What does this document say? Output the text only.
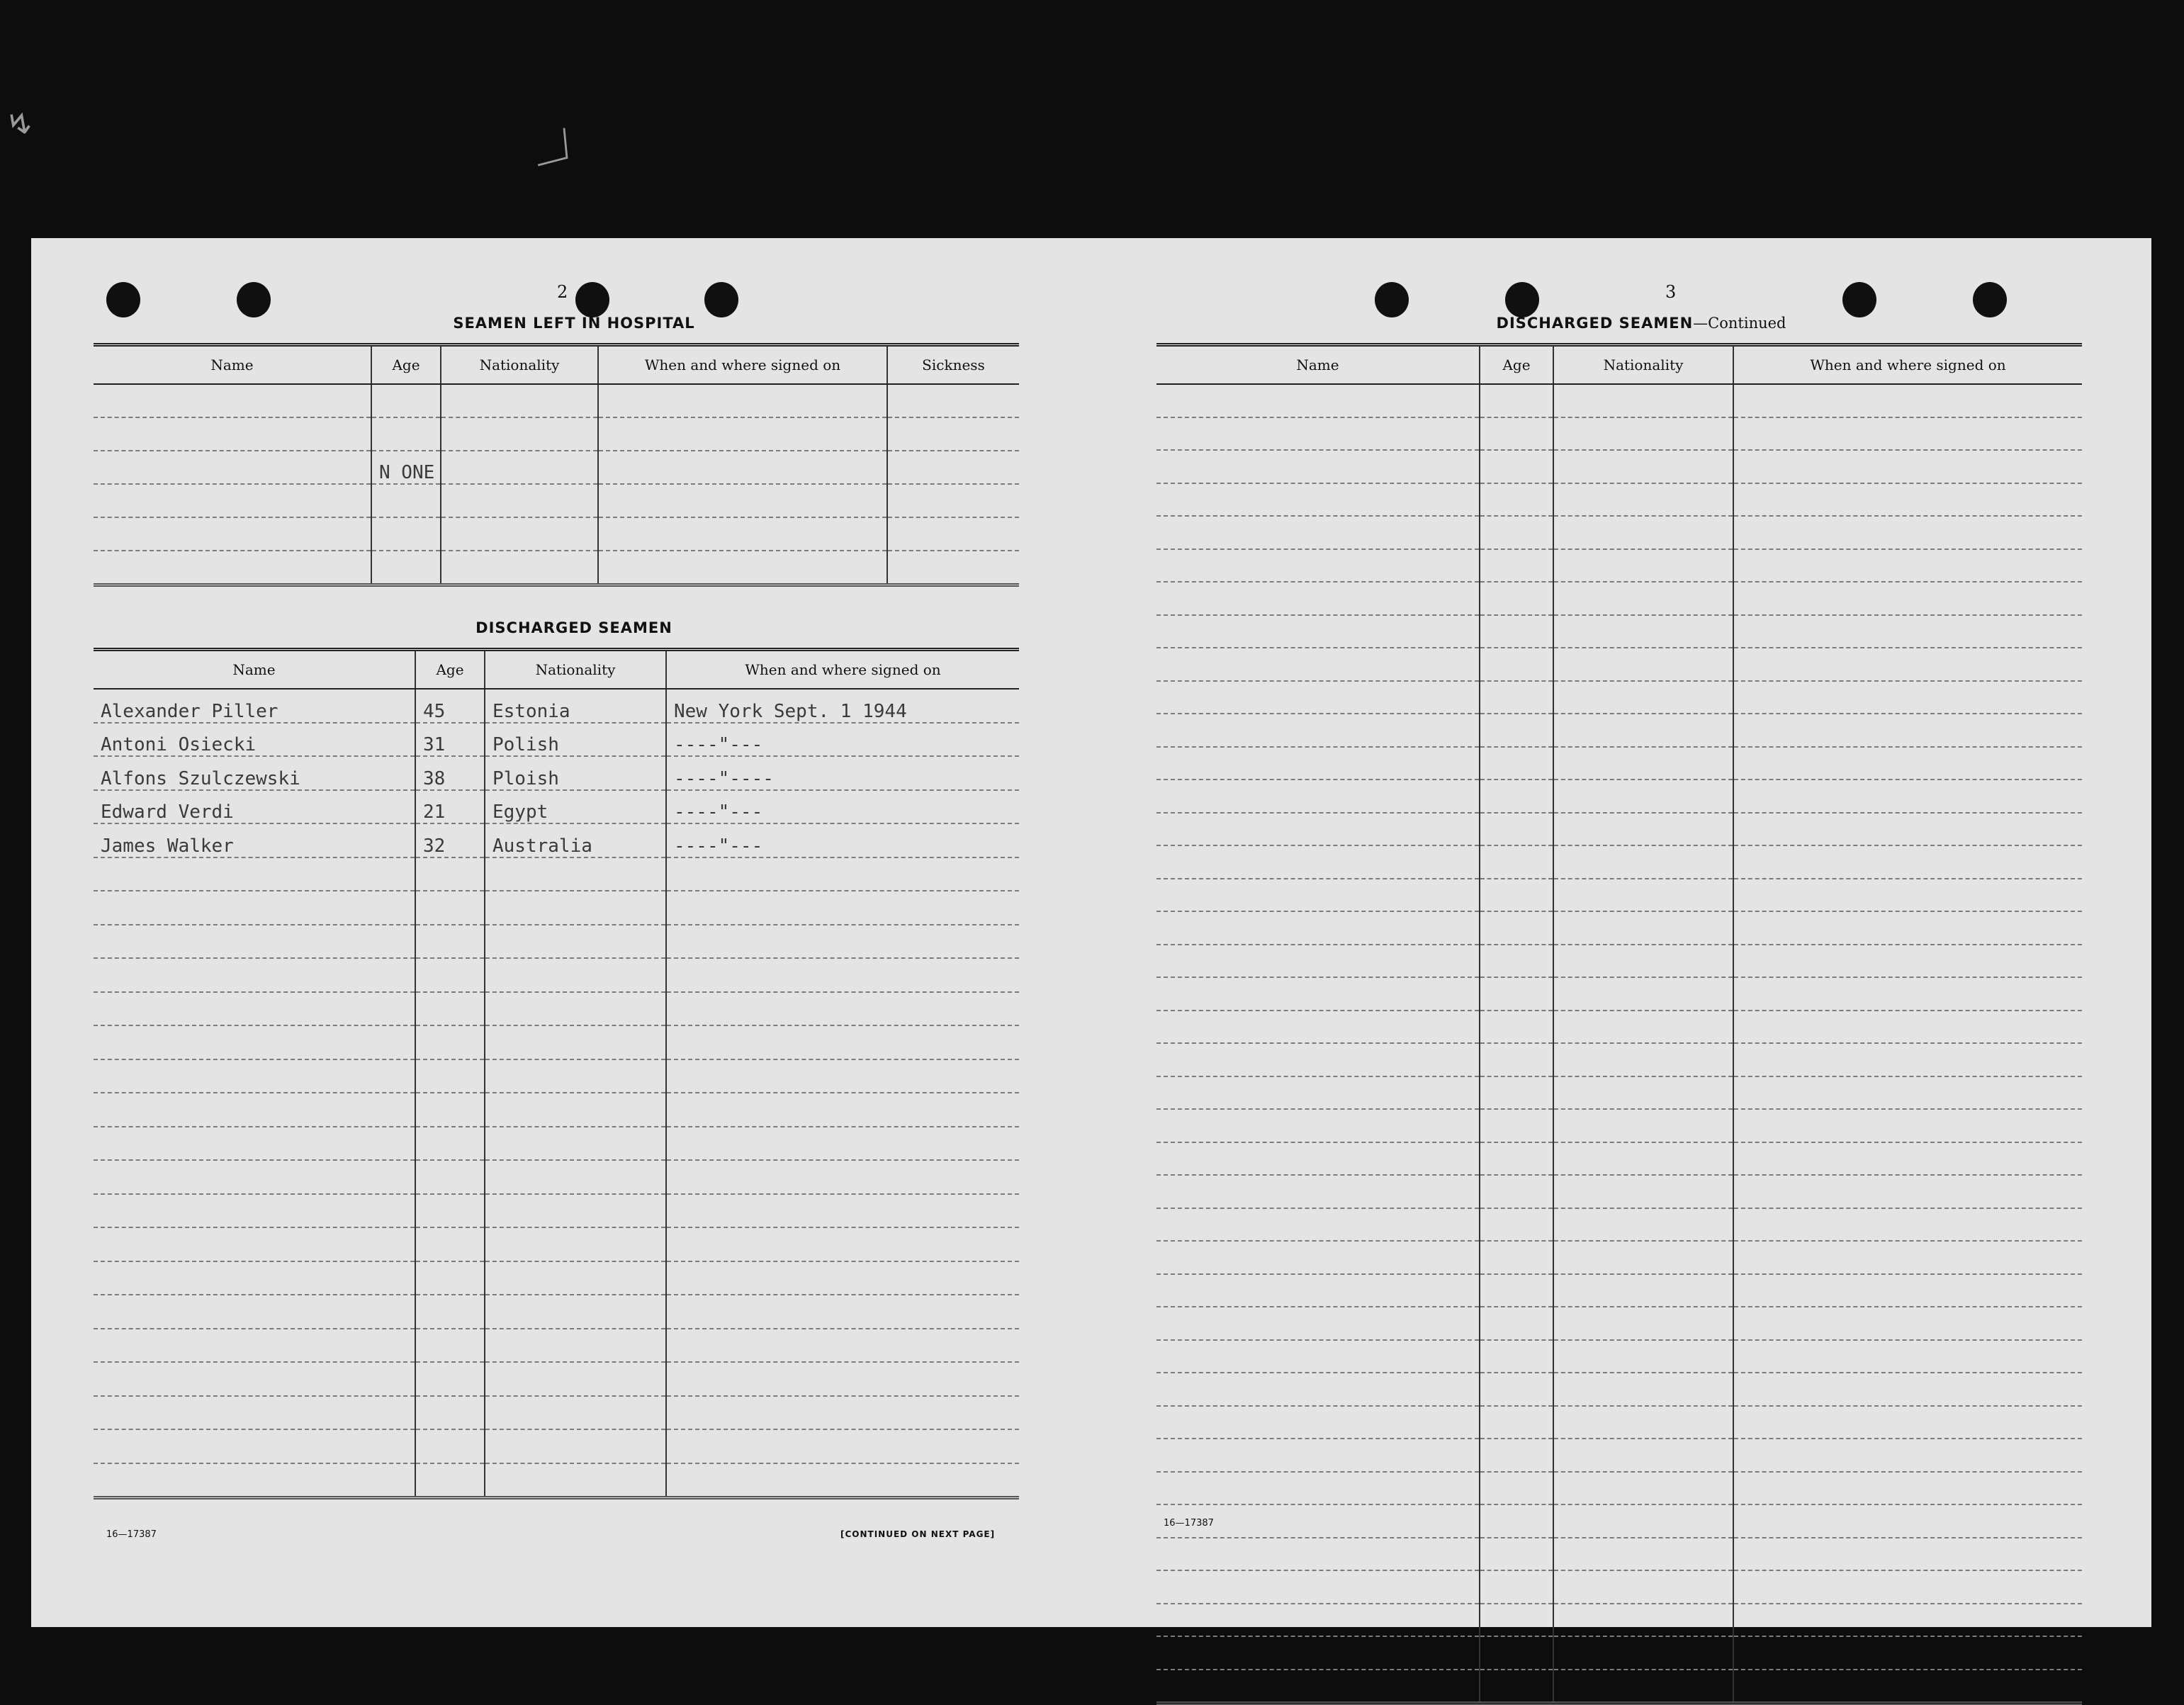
↯	〉
2
SEAMEN LEFT IN HOSPITAL
Name	Age	Nationality	When and where signed on	Sickness

	N ONE			

DISCHARGED SEAMEN
Name	Age	Nationality	When and where signed on
Alexander Piller	45	Estonia	New York Sept. 1 1944
Antoni Osiecki	31	Polish	----"---
Alfons Szulczewski	38	Ploish	----"----
Edward Verdi	21	Egypt	----"---
James Walker	32	Australia	----"---

16—17387	[CONTINUED ON NEXT PAGE]
3
DISCHARGED SEAMEN—Continued
Name	Age	Nationality	When and where signed on

16—17387
